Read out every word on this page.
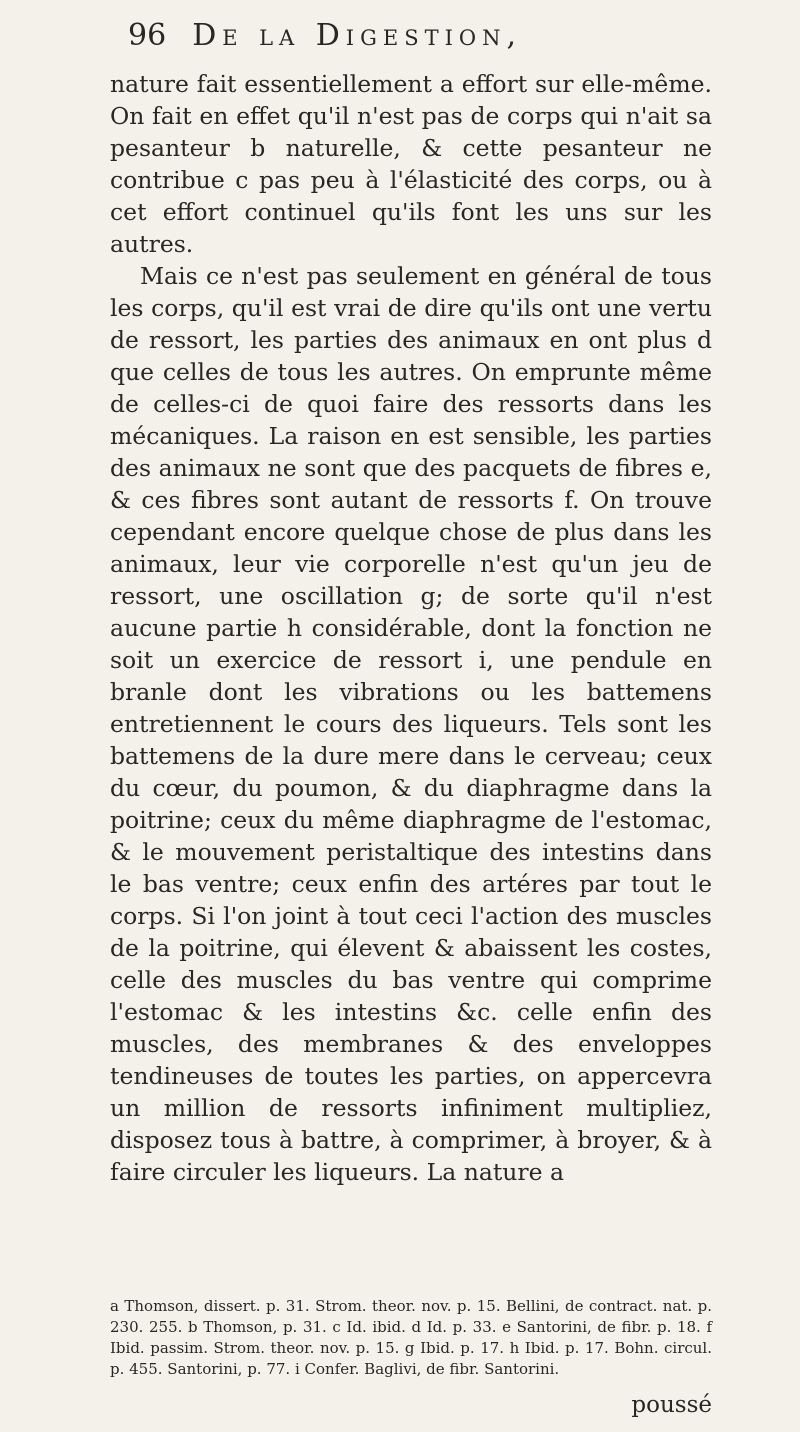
96 De la Digestion,

nature fait essentiellement a effort sur elle-même. On fait en effet qu'il n'est pas de corps qui n'ait sa pesanteur b naturelle, & cette pesanteur ne contribue c pas peu à l'élasticité des corps, ou à cet effort continuel qu'ils font les uns sur les autres.

Mais ce n'est pas seulement en général de tous les corps, qu'il est vrai de dire qu'ils ont une vertu de ressort, les parties des animaux en ont plus d que celles de tous les autres. On emprunte même de celles-ci de quoi faire des ressorts dans les mécaniques. La raison en est sensible, les parties des animaux ne sont que des pacquets de fibres e, & ces fibres sont autant de ressorts f. On trouve cependant encore quelque chose de plus dans les animaux, leur vie corporelle n'est qu'un jeu de ressort, une oscillation g; de sorte qu'il n'est aucune partie h considérable, dont la fonction ne soit un exercice de ressort i, une pendule en branle dont les vibrations ou les battemens entretiennent le cours des liqueurs. Tels sont les battemens de la dure mere dans le cerveau; ceux du cœur, du poumon, & du diaphragme dans la poitrine; ceux du même diaphragme de l'estomac, & le mouvement peristaltique des intestins dans le bas ventre; ceux enfin des artéres par tout le corps. Si l'on joint à tout ceci l'action des muscles de la poitrine, qui élevent & abaissent les costes, celle des muscles du bas ventre qui comprime l'estomac & les intestins &c. celle enfin des muscles, des membranes & des enveloppes tendineuses de toutes les parties, on appercevra un million de ressorts infiniment multipliez, disposez tous à battre, à comprimer, à broyer, & à faire circuler les liqueurs. La nature a

a Thomson, dissert. p. 31. Strom. theor. nov. p. 15. Bellini, de contract. nat. p. 230. 255. b Thomson, p. 31. c Id. ibid. d Id. p. 33. e Santorini, de fibr. p. 18. f Ibid. passim. Strom. theor. nov. p. 15. g Ibid. p. 17. h Ibid. p. 17. Bohn. circul. p. 455. Santorini, p. 77. i Confer. Baglivi, de fibr. Santorini.
poussé
